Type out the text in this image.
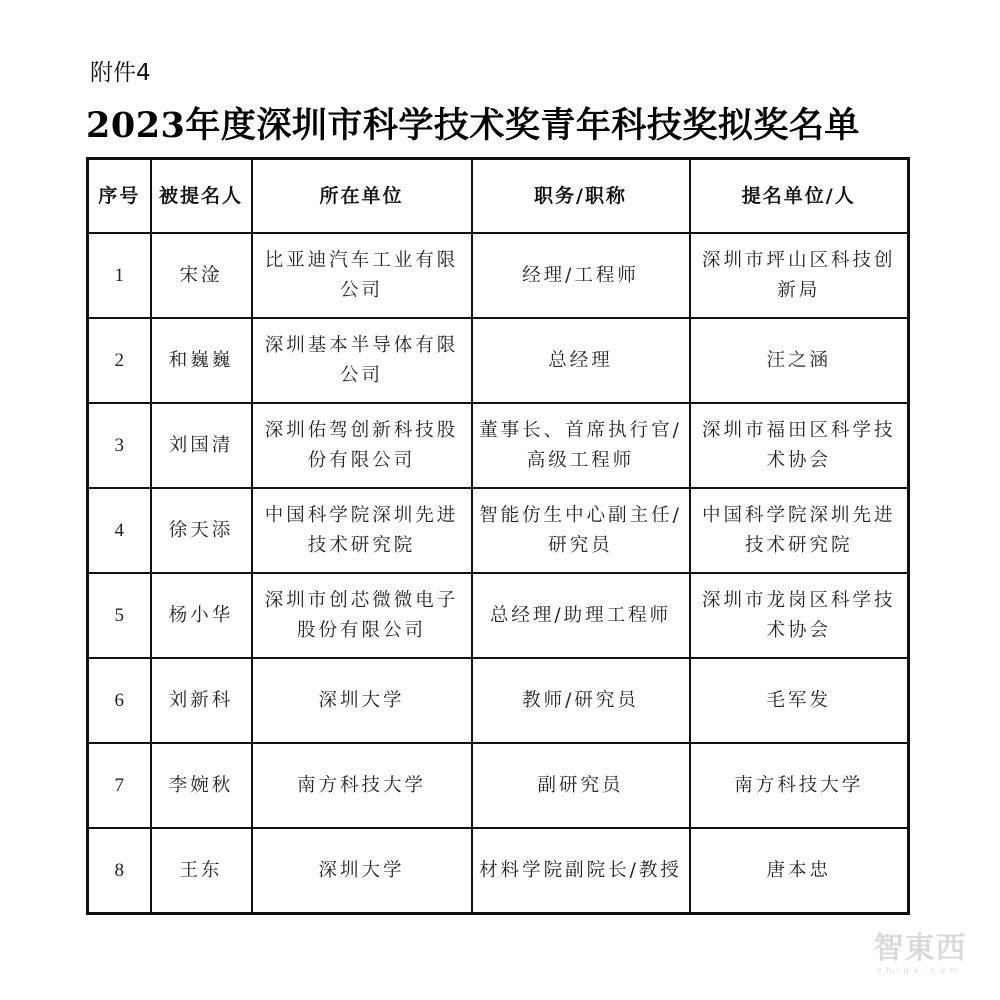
附件4
2023年度深圳市科学技术奖青年科技奖拟奖名单
序号	被提名人	所在单位	职务/职称	提名单位/人
1	宋淦	比亚迪汽车工业有限公司	经理/工程师	深圳市坪山区科技创新局
2	和巍巍	深圳基本半导体有限公司	总经理	汪之涵
3	刘国清	深圳佑驾创新科技股份有限公司	董事长、首席执行官/高级工程师	深圳市福田区科学技术协会
4	徐天添	中国科学院深圳先进技术研究院	智能仿生中心副主任/研究员	中国科学院深圳先进技术研究院
5	杨小华	深圳市创芯微微电子股份有限公司	总经理/助理工程师	深圳市龙岗区科学技术协会
6	刘新科	深圳大学	教师/研究员	毛军发
7	李婉秋	南方科技大学	副研究员	南方科技大学
8	王东	深圳大学	材料学院副院长/教授	唐本忠
智東西
zhidx.com
